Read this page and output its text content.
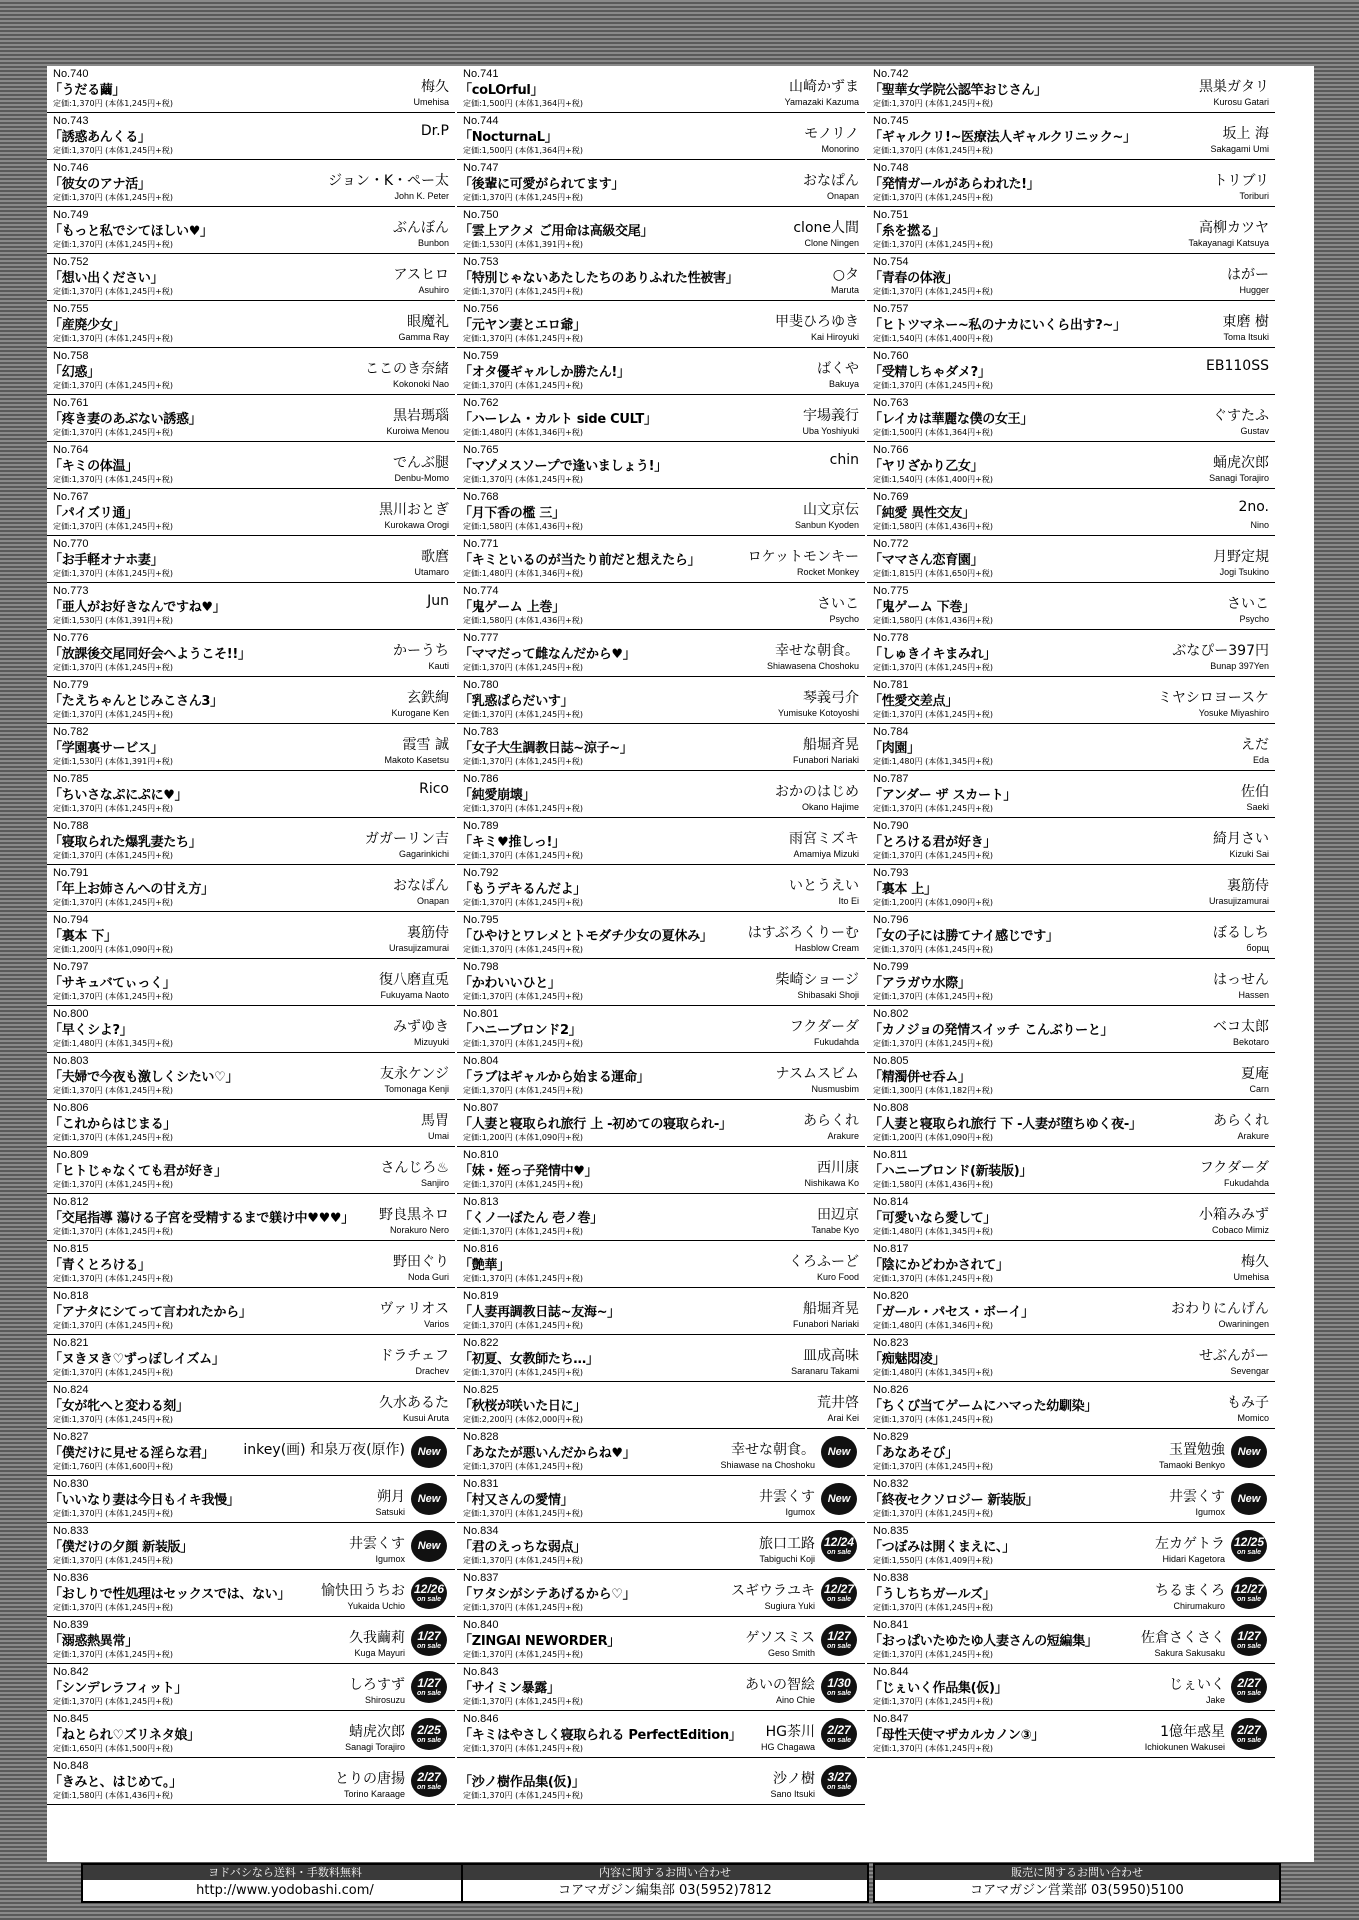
No.740
「うだる繭」
定価:1,370円 (本体1,245円+税)
梅久
Umehisa
No.743
「誘惑あんくる」
定価:1,370円 (本体1,245円+税)
Dr.P
No.746
「彼女のアナ活」
定価:1,370円 (本体1,245円+税)
ジョン・K・ペー太
John K. Peter
No.749
「もっと私でシてほしい♥」
定価:1,370円 (本体1,245円+税)
ぶんぼん
Bunbon
No.752
「想い出ください」
定価:1,370円 (本体1,245円+税)
アスヒロ
Asuhiro
No.755
「産廃少女」
定価:1,370円 (本体1,245円+税)
眼魔礼
Gamma Ray
No.758
「幻惑」
定価:1,370円 (本体1,245円+税)
ここのき奈緒
Kokonoki Nao
No.761
「疼き妻のあぶない誘惑」
定価:1,370円 (本体1,245円+税)
黒岩瑪瑙
Kuroiwa Menou
No.764
「キミの体温」
定価:1,370円 (本体1,245円+税)
でんぶ腿
Denbu-Momo
No.767
「パイズリ通」
定価:1,370円 (本体1,245円+税)
黒川おとぎ
Kurokawa Orogi
No.770
「お手軽オナホ妻」
定価:1,370円 (本体1,245円+税)
歌麿
Utamaro
No.773
「亜人がお好きなんですね♥」
定価:1,530円 (本体1,391円+税)
Jun
No.776
「放課後交尾同好会へようこそ!!」
定価:1,370円 (本体1,245円+税)
かーうち
Kauti
No.779
「たえちゃんとじみこさん3」
定価:1,370円 (本体1,245円+税)
玄鉄絢
Kurogane Ken
No.782
「学園裏サービス」
定価:1,530円 (本体1,391円+税)
霞雪 誠
Makoto Kasetsu
No.785
「ちいさなぷにぷに♥」
定価:1,370円 (本体1,245円+税)
Rico
No.788
「寝取られた爆乳妻たち」
定価:1,370円 (本体1,245円+税)
ガガーリン吉
Gagarinkichi
No.791
「年上お姉さんへの甘え方」
定価:1,370円 (本体1,245円+税)
おなぱん
Onapan
No.794
「裏本 下」
定価:1,200円 (本体1,090円+税)
裏筋侍
Urasujizamurai
No.797
「サキュバてぃっく」
定価:1,370円 (本体1,245円+税)
復八磨直兎
Fukuyama Naoto
No.800
「早くシよ?」
定価:1,480円 (本体1,345円+税)
みずゆき
Mizuyuki
No.803
「夫婦で今夜も激しくシたい♡」
定価:1,370円 (本体1,245円+税)
友永ケンジ
Tomonaga Kenji
No.806
「これからはじまる」
定価:1,370円 (本体1,245円+税)
馬胃
Umai
No.809
「ヒトじゃなくても君が好き」
定価:1,370円 (本体1,245円+税)
さんじろ♨
Sanjiro
No.812
「交尾指導 蕩ける子宮を受精するまで躾け中♥♥♥」
定価:1,370円 (本体1,245円+税)
野良黒ネロ
Norakuro Nero
No.815
「青くとろける」
定価:1,370円 (本体1,245円+税)
野田ぐり
Noda Guri
No.818
「アナタにシてって言われたから」
定価:1,370円 (本体1,245円+税)
ヴァリオス
Varios
No.821
「ヌきヌき♡ずっぽしイズム」
定価:1,370円 (本体1,245円+税)
ドラチェフ
Drachev
No.824
「女が牝へと変わる刻」
定価:1,370円 (本体1,245円+税)
久水あるた
Kusui Aruta
No.827
「僕だけに見せる淫らな君」
定価:1,760円 (本体1,600円+税)
inkey(画) 和泉万夜(原作) New
No.830
「いいなり妻は今日もイキ我慢」
定価:1,370円 (本体1,245円+税)
朔月
Satsuki
New
No.833
「僕だけの夕顔 新装版」
定価:1,370円 (本体1,245円+税)
井雲くす
Igumox
New
No.836
「おしりで性処理はセックスでは、ない」
定価:1,370円 (本体1,245円+税)
愉快田うちお
Yukaida Uchio
12/26
on sale
No.839
「溺惑熱異常」
定価:1,370円 (本体1,245円+税)
久我繭莉
Kuga Mayuri
1/27
on sale
No.842
「シンデレラフィット」
定価:1,370円 (本体1,245円+税)
しろすず
Shirosuzu
1/27
on sale
No.845
「ねとられ♡ズリネタ娘」
定価:1,650円 (本体1,500円+税)
蜻虎次郎
Sanagi Torajiro
2/25
on sale
No.848
「きみと、はじめて。」
定価:1,580円 (本体1,436円+税)
とりの唐揚
Torino Karaage
2/27
on sale
No.741
「coLOrful」
定価:1,500円 (本体1,364円+税)
山崎かずま
Yamazaki Kazuma
No.744
「NocturnaL」
定価:1,500円 (本体1,364円+税)
モノリノ
Monorino
No.747
「後輩に可愛がられてます」
定価:1,370円 (本体1,245円+税)
おなぱん
Onapan
No.750
「雲上アクメ ご用命は高級交尾」
定価:1,530円 (本体1,391円+税)
clone人間
Clone Ningen
No.753
「特別じゃないあたしたちのありふれた性被害」
定価:1,370円 (本体1,245円+税)
○タ
Maruta
No.756
「元ヤン妻とエロ爺」
定価:1,370円 (本体1,245円+税)
甲斐ひろゆき
Kai Hiroyuki
No.759
「オタ優ギャルしか勝たん!」
定価:1,370円 (本体1,245円+税)
ばくや
Bakuya
No.762
「ハーレム・カルト side CULT」
定価:1,480円 (本体1,346円+税)
宇場義行
Uba Yoshiyuki
No.765
「マゾメスソープで逢いましょう!」
定価:1,370円 (本体1,245円+税)
chin
No.768
「月下香の檻 三」
定価:1,580円 (本体1,436円+税)
山文京伝
Sanbun Kyoden
No.771
「キミといるのが当たり前だと想えたら」
定価:1,480円 (本体1,346円+税)
ロケットモンキー
Rocket Monkey
No.774
「鬼ゲーム 上巻」
定価:1,580円 (本体1,436円+税)
さいこ
Psycho
No.777
「ママだって雌なんだから♥」
定価:1,370円 (本体1,245円+税)
幸せな朝食。
Shiawasena Choshoku
No.780
「乳惑ぱらだいす」
定価:1,370円 (本体1,245円+税)
琴義弓介
Yumisuke Kotoyoshi
No.783
「女子大生調教日誌~涼子~」
定価:1,370円 (本体1,245円+税)
船堀斉晃
Funabori Nariaki
No.786
「純愛崩壊」
定価:1,370円 (本体1,245円+税)
おかのはじめ
Okano Hajime
No.789
「キミ♥推しっ!」
定価:1,370円 (本体1,245円+税)
雨宮ミズキ
Amamiya Mizuki
No.792
「もうデキるんだよ」
定価:1,370円 (本体1,245円+税)
いとうえい
Ito Ei
No.795
「ひやけとワレメとトモダチ少女の夏休み」
定価:1,370円 (本体1,245円+税)
はすぶろくりーむ
Hasblow Cream
No.798
「かわいいひと」
定価:1,370円 (本体1,245円+税)
柴崎ショージ
Shibasaki Shoji
No.801
「ハニーブロンド2」
定価:1,370円 (本体1,245円+税)
フクダーダ
Fukudahda
No.804
「ラブはギャルから始まる運命」
定価:1,370円 (本体1,245円+税)
ナスムスビム
Nusmusbim
No.807
「人妻と寝取られ旅行 上 -初めての寝取られ-」
定価:1,200円 (本体1,090円+税)
あらくれ
Arakure
No.810
「妹・姪っ子発情中♥」
定価:1,370円 (本体1,245円+税)
西川康
Nishikawa Ko
No.813
「くノ一ぼたん 壱ノ巻」
定価:1,370円 (本体1,245円+税)
田辺京
Tanabe Kyo
No.816
「艶華」
定価:1,370円 (本体1,245円+税)
くろふーど
Kuro Food
No.819
「人妻再調教日誌~友海~」
定価:1,370円 (本体1,245円+税)
船堀斉晃
Funabori Nariaki
No.822
「初夏、女教師たち…」
定価:1,370円 (本体1,245円+税)
皿成高味
Saranaru Takami
No.825
「秋桜が咲いた日に」
定価:2,200円 (本体2,000円+税)
荒井啓
Arai Kei
No.828
「あなたが悪いんだからね♥」
定価:1,370円 (本体1,245円+税)
幸せな朝食。
Shiawase na Choshoku
New
No.831
「村又さんの愛情」
定価:1,370円 (本体1,245円+税)
井雲くす
Igumox
New
No.834
「君のえっちな弱点」
定価:1,370円 (本体1,245円+税)
旅口工路
Tabiguchi Koji
12/24
on sale
No.837
「ワタシがシテあげるから♡」
定価:1,370円 (本体1,245円+税)
スギウラユキ
Sugiura Yuki
12/27
on sale
No.840
「ZINGAI NEWORDER」
定価:1,370円 (本体1,245円+税)
ゲソスミス
Geso Smith
1/27
on sale
No.843
「サイミン暴露」
定価:1,370円 (本体1,245円+税)
あいの智絵
Aino Chie
1/30
on sale
No.846
「キミはやさしく寝取られる PerfectEdition」
定価:1,370円 (本体1,245円+税)
HG茶川
HG Chagawa
2/27
on sale
「沙ノ樹作品集(仮)」
定価:1,370円 (本体1,245円+税)
沙ノ樹
Sano Itsuki
3/27
on sale
No.742
「聖華女学院公認竿おじさん」
定価:1,370円 (本体1,245円+税)
黒巣ガタリ
Kurosu Gatari
No.745
「ギャルクリ!~医療法人ギャルクリニック~」
定価:1,370円 (本体1,245円+税)
坂上 海
Sakagami Umi
No.748
「発情ガールがあらわれた!」
定価:1,370円 (本体1,245円+税)
トリブリ
Toriburi
No.751
「糸を撚る」
定価:1,370円 (本体1,245円+税)
高柳カツヤ
Takayanagi Katsuya
No.754
「青春の体液」
定価:1,370円 (本体1,245円+税)
はがー
Hugger
No.757
「ヒトツマネー~私のナカにいくら出す?~」
定価:1,540円 (本体1,400円+税)
東磨 樹
Toma Itsuki
No.760
「受精しちゃダメ?」
定価:1,370円 (本体1,245円+税)
EB110SS
No.763
「レイカは華麗な僕の女王」
定価:1,500円 (本体1,364円+税)
ぐすたふ
Gustav
No.766
「ヤリざかり乙女」
定価:1,540円 (本体1,400円+税)
蛹虎次郎
Sanagi Torajiro
No.769
「純愛 異性交友」
定価:1,580円 (本体1,436円+税)
2no.
Nino
No.772
「ママさん恋育園」
定価:1,815円 (本体1,650円+税)
月野定規
Jogi Tsukino
No.775
「鬼ゲーム 下巻」
定価:1,580円 (本体1,436円+税)
さいこ
Psycho
No.778
「しゅきイキまみれ」
定価:1,370円 (本体1,245円+税)
ぶなぴー397円
Bunap 397Yen
No.781
「性愛交差点」
定価:1,370円 (本体1,245円+税)
ミヤシロヨースケ
Yosuke Miyashiro
No.784
「肉園」
定価:1,480円 (本体1,345円+税)
えだ
Eda
No.787
「アンダー ザ スカート」
定価:1,370円 (本体1,245円+税)
佐伯
Saeki
No.790
「とろける君が好き」
定価:1,370円 (本体1,245円+税)
綺月さい
Kizuki Sai
No.793
「裏本 上」
定価:1,200円 (本体1,090円+税)
裏筋侍
Urasujizamurai
No.796
「女の子には勝てナイ感じです」
定価:1,370円 (本体1,245円+税)
ぼるしち
борщ
No.799
「アラガウ水際」
定価:1,370円 (本体1,245円+税)
はっせん
Hassen
No.802
「カノジョの発情スイッチ こんぶりーと」
定価:1,370円 (本体1,245円+税)
ベコ太郎
Bekotaro
No.805
「精濁併せ呑ム」
定価:1,300円 (本体1,182円+税)
夏庵
Carn
No.808
「人妻と寝取られ旅行 下 -人妻が堕ちゆく夜-」
定価:1,200円 (本体1,090円+税)
あらくれ
Arakure
No.811
「ハニーブロンド(新装版)」
定価:1,580円 (本体1,436円+税)
フクダーダ
Fukudahda
No.814
「可愛いなら愛して」
定価:1,480円 (本体1,345円+税)
小箱みみず
Cobaco Mimiz
No.817
「陰にかどわかされて」
定価:1,370円 (本体1,245円+税)
梅久
Umehisa
No.820
「ガール・パセス・ボーイ」
定価:1,480円 (本体1,346円+税)
おわりにんげん
Owariningen
No.823
「痴魅悶凌」
定価:1,480円 (本体1,345円+税)
せぶんがー
Sevengar
No.826
「ちくび当てゲームにハマった幼馴染」
定価:1,370円 (本体1,245円+税)
もみ子
Momico
No.829
「あなあそび」
定価:1,370円 (本体1,245円+税)
玉置勉強
Tamaoki Benkyo
New
No.832
「終夜セクソロジー 新装版」
定価:1,370円 (本体1,245円+税)
井雲くす
Igumox
New
No.835
「つぼみは開くまえに、」
定価:1,550円 (本体1,409円+税)
左カゲトラ
Hidari Kagetora
12/25
on sale
No.838
「うしちちガールズ」
定価:1,370円 (本体1,245円+税)
ちるまくろ
Chirumakuro
12/27
on sale
No.841
「おっぱいたゆたゆ人妻さんの短編集」
定価:1,370円 (本体1,245円+税)
佐倉さくさく
Sakura Sakusaku
1/27
on sale
No.844
「じぇいく作品集(仮)」
定価:1,370円 (本体1,245円+税)
じぇいく
Jake
2/27
on sale
No.847
「母性天使マザカルカノン③」
定価:1,370円 (本体1,245円+税)
1億年惑星
Ichiokunen Wakusei
2/27
on sale
ヨドバシなら送料・手数料無料
http://www.yodobashi.com/
内容に関するお問い合わせ
コアマガジン編集部 03(5952)7812
販売に関するお問い合わせ
コアマガジン営業部 03(5950)5100
